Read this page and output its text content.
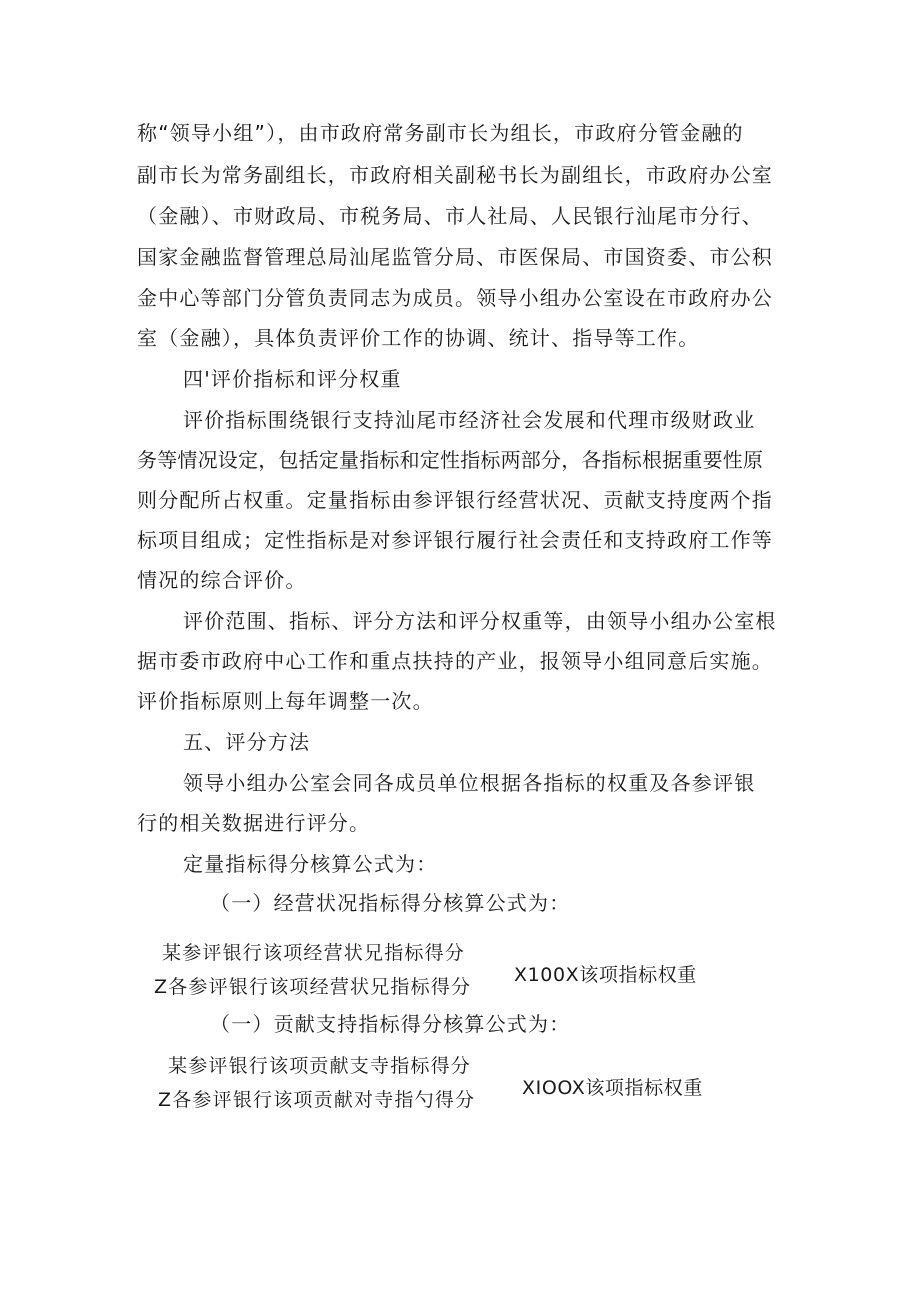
称“领导小组”），由市政府常务副市长为组长，市政府分管金融的
副市长为常务副组长，市政府相关副秘书长为副组长，市政府办公室
（金融）、市财政局、市税务局、市人社局、人民银行汕尾市分行、
国家金融监督管理总局汕尾监管分局、市医保局、市国资委、市公积
金中心等部门分管负责同志为成员。领导小组办公室设在市政府办公
室（金融），具体负责评价工作的协调、统计、指导等工作。
四'评价指标和评分权重
评价指标围绕银行支持汕尾市经济社会发展和代理市级财政业
务等情况设定，包括定量指标和定性指标两部分，各指标根据重要性原
则分配所占权重。定量指标由参评银行经营状况、贡献支持度两个指
标项目组成；定性指标是对参评银行履行社会责任和支持政府工作等
情况的综合评价。
评价范围、指标、评分方法和评分权重等，由领导小组办公室根
据市委市政府中心工作和重点扶持的产业，报领导小组同意后实施。
评价指标原则上每年调整一次。
五、评分方法
领导小组办公室会同各成员单位根据各指标的权重及各参评银
行的相关数据进行评分。
定量指标得分核算公式为：
（一）经营状况指标得分核算公式为：
某参评银行该项经营状兄指标得分
Z各参评银行该项经营状兄指标得分
X100X该项指标权重
（一）贡献支持指标得分核算公式为：
某参评银行该项贡献支寺指标得分
Z各参评银行该项贡献对寺指勺得分
XIOOX该项指标权重
